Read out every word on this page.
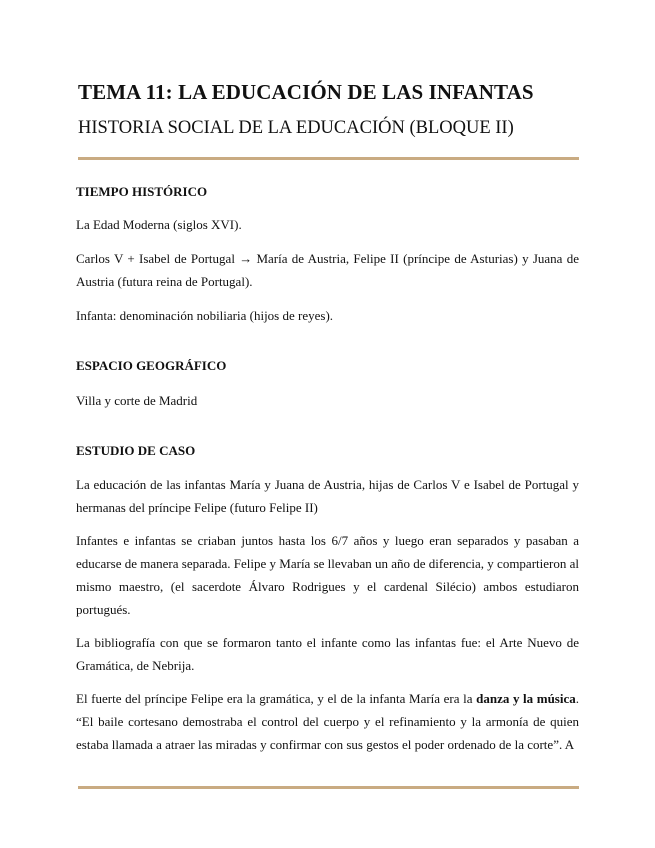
TEMA 11: LA EDUCACIÓN DE LAS INFANTAS
HISTORIA SOCIAL DE LA EDUCACIÓN (BLOQUE II)
TIEMPO HISTÓRICO

La Edad Moderna (siglos XVI).

Carlos V + Isabel de Portugal → María de Austria, Felipe II (príncipe de Asturias) y Juana de Austria (futura reina de Portugal).

Infanta: denominación nobiliaria (hijos de reyes).

ESPACIO GEOGRÁFICO

Villa y corte de Madrid

ESTUDIO DE CASO

La educación de las infantas María y Juana de Austria, hijas de Carlos V e Isabel de Portugal y hermanas del príncipe Felipe (futuro Felipe II)

Infantes e infantas se criaban juntos hasta los 6/7 años y luego eran separados y pasaban a educarse de manera separada. Felipe y María se llevaban un año de diferencia, y compartieron al mismo maestro, (el sacerdote Álvaro Rodrigues y el cardenal Silécio) ambos estudiaron portugués.

La bibliografía con que se formaron tanto el infante como las infantas fue: el Arte Nuevo de Gramática, de Nebrija.

El fuerte del príncipe Felipe era la gramática, y el de la infanta María era la danza y la música. “El baile cortesano demostraba el control del cuerpo y el refinamiento y la armonía de quien estaba llamada a atraer las miradas y confirmar con sus gestos el poder ordenado de la corte”. A
